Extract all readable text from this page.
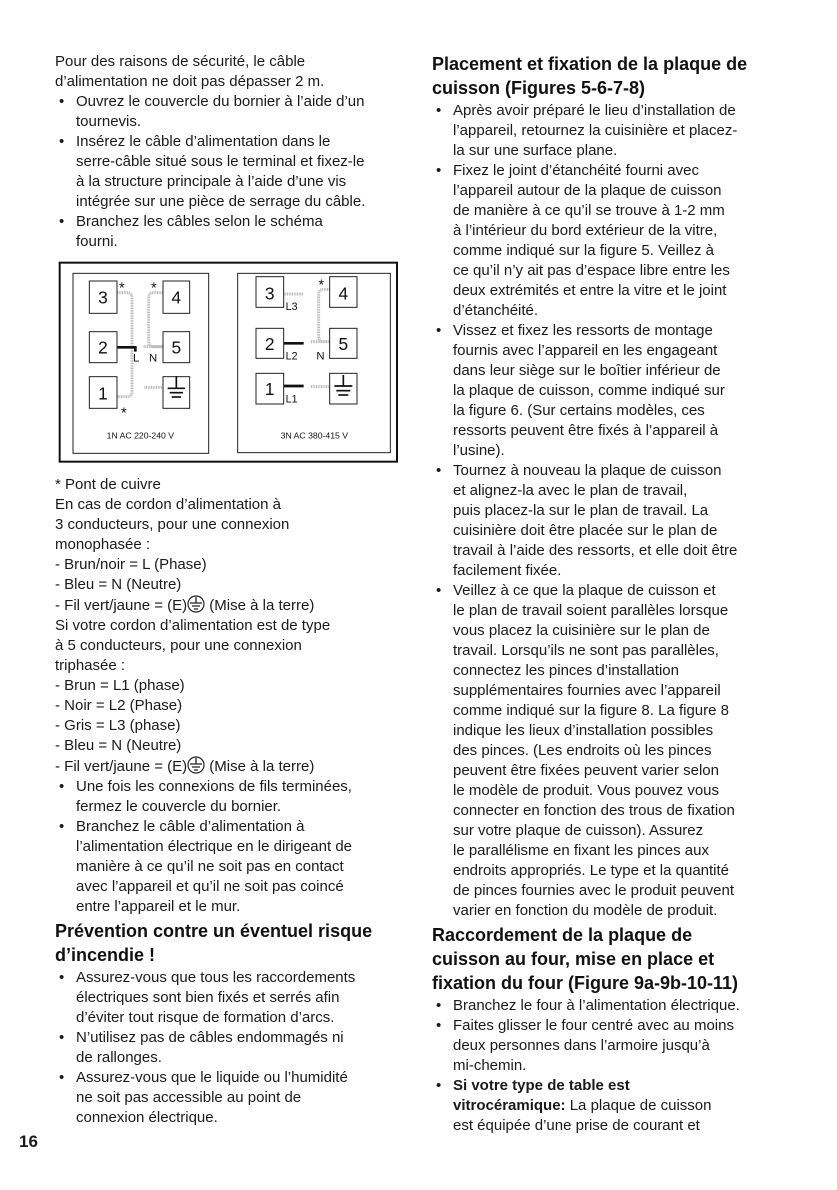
Pour des raisons de sécurité, le câble
d’alimentation ne doit pas dépasser 2 m.

• Ouvrez le couvercle du bornier à l’aide d’un
tournevis.

• Insérez le câble d’alimentation dans le
serre-câble situé sous le terminal et fixez-le
à la structure principale à l’aide d’une vis
intégrée sur une pièce de serrage du câble.

• Branchez les câbles selon le schéma
fourni.

3 4
2 5
1
L N
* *
*
1N AC 220-240 V
3 4
2 5
1
L3
L2
L1
N
*
3N AC 380-415 V

* Pont de cuivre
En cas de cordon d’alimentation à
3 conducteurs, pour une connexion
monophasée :
- Brun/noir = L (Phase)
- Bleu = N (Neutre)

- Fil vert/jaune = (E) (Mise à la terre)

Si votre cordon d’alimentation est de type
à 5 conducteurs, pour une connexion
triphasée :
- Brun = L1 (phase)
- Noir = L2 (Phase)
- Gris = L3 (phase)
- Bleu = N (Neutre)

- Fil vert/jaune = (E) (Mise à la terre)

• Une fois les connexions de fils terminées,
fermez le couvercle du bornier.

• Branchez le câble d’alimentation à
l’alimentation électrique en le dirigeant de
manière à ce qu’il ne soit pas en contact
avec l’appareil et qu’il ne soit pas coincé
entre l’appareil et le mur.

Prévention contre un éventuel risque
d’incendie !

• Assurez-vous que tous les raccordements
électriques sont bien fixés et serrés afin
d’éviter tout risque de formation d’arcs.

• N’utilisez pas de câbles endommagés ni
de rallonges.

• Assurez-vous que le liquide ou l’humidité
ne soit pas accessible au point de
connexion électrique.

Placement et fixation de la plaque de
cuisson (Figures 5-6-7-8)

• Après avoir préparé le lieu d’installation de
l’appareil, retournez la cuisinière et placez-
la sur une surface plane.

• Fixez le joint d’étanchéité fourni avec
l’appareil autour de la plaque de cuisson
de manière à ce qu’il se trouve à 1-2 mm
à l’intérieur du bord extérieur de la vitre,
comme indiqué sur la figure 5. Veillez à
ce qu’il n’y ait pas d’espace libre entre les
deux extrémités et entre la vitre et le joint
d’étanchéité.

• Vissez et fixez les ressorts de montage
fournis avec l’appareil en les engageant
dans leur siège sur le boîtier inférieur de
la plaque de cuisson, comme indiqué sur
la figure 6. (Sur certains modèles, ces
ressorts peuvent être fixés à l’appareil à
l’usine).

• Tournez à nouveau la plaque de cuisson
et alignez-la avec le plan de travail,
puis placez-la sur le plan de travail. La
cuisinière doit être placée sur le plan de
travail à l’aide des ressorts, et elle doit être
facilement fixée.

• Veillez à ce que la plaque de cuisson et
le plan de travail soient parallèles lorsque
vous placez la cuisinière sur le plan de
travail. Lorsqu’ils ne sont pas parallèles,
connectez les pinces d’installation
supplémentaires fournies avec l’appareil
comme indiqué sur la figure 8. La figure 8
indique les lieux d’installation possibles
des pinces. (Les endroits où les pinces
peuvent être fixées peuvent varier selon
le modèle de produit. Vous pouvez vous
connecter en fonction des trous de fixation
sur votre plaque de cuisson). Assurez
le parallélisme en fixant les pinces aux
endroits appropriés. Le type et la quantité
de pinces fournies avec le produit peuvent
varier en fonction du modèle de produit.

Raccordement de la plaque de
cuisson au four, mise en place et
fixation du four (Figure 9a-9b-10-11)

• Branchez le four à l’alimentation électrique.

• Faites glisser le four centré avec au moins
deux personnes dans l’armoire jusqu’à
mi-chemin.

• Si votre type de table est
vitrocéramique: La plaque de cuisson
est équipée d’une prise de courant et

16
